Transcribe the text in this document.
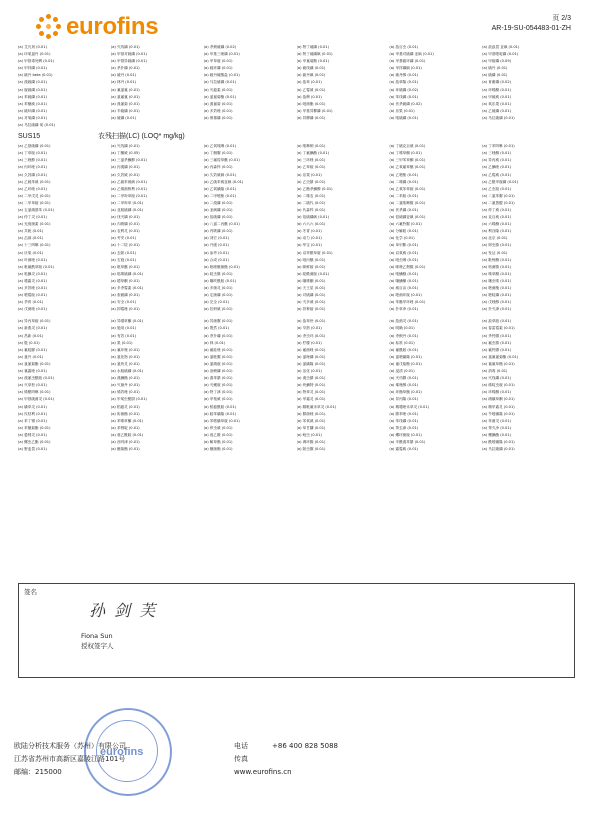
eurofins	页 2/3
AR-19-SU-054483-01-ZH
(a) 艾氏剂 (0.01)	(a) 灭线磷 (0.01)	(a) 杀螟硫磷 (0.02)	(a) 特丁硫磷 (0.01)	(a) 敌百虫 (0.01)	(a) 敌敌畏 亚砜 (0.01)
(a) 环氧氯丹 (0.01)	(a) 甲基对硫磷 (0.01)	(a) 甲基三唑磷 (0.01)	(a) 特丁硫磷砜 (0.01)	(a) 甲基对硫磷 亚砜 (0.01)	(a) 甲基嘧啶磷 (0.01)
(a) 甲基毒死蜱 (0.01)	(a) 甲基异硫磷 (0.01)	(a) 甲草胺 (0.01)	(a) 甲氰菊酯 (0.01)	(a) 甲基硫环磷 (0.01)	(a) 甲胺磷 (0.09)
(a) 甲拌磷 (0.01)	(a) 杀扑磷 (0.01)	(a) 硫环磷 (0.01)	(a) 硫线磷 (0.01)	(a) 甲拌磷砜 (0.01)	(a) 硫丹 (0.01)
(a) 硫丹 beta (0.01)	(a) 硫丹 (0.01)	(a) 硫丹硫酸盐 (0.01)	(a) 硫丹砜 (0.01)	(a) 硫丹醇 (0.01)	(a) 硫磷 (0.01)
(a) 溴硫磷 (0.01)	(a) 林丹 (0.01)	(a) 马拉硫磷 (0.01)	(a) 敌草 (0.01)	(a) 敌草隆 (0.01)	(a) 育畜磷 (0.02)
(a) 胺硫磷 (0.01)	(a) 氟氯氰 (0.01)	(a) 灭瘟素 (0.01)	(a) 乙霉威 (0.01)	(a) 环硫磷 (0.02)	(a) 环嗪酮 (0.01)
(a) 苯硫磷 (0.01)	(a) 氯氟氰 (0.01)	(a) 氯氰菊酯 (0.01)	(a) 敌稗 (0.01)	(a) 苯线磷 (0.01)	(a) 甲硫威 (0.01)
(a) 苯醚威 (0.01)	(a) 溴氰菊 (0.01)	(a) 溴氰菊 (0.01)	(a) 吡菌酯 (0.01)	(a) 伏杀硫磷 (0.02)	(a) 氧乐果 (0.01)
(a) 硫环磷 (0.01)	(a) 辛硫磷 (0.01)	(a) 多效唑 (0.01)	(a) 甲基异柳磷 (0.01)	(a) 乐果 (0.01)	(a) 乙硫磷 (0.01)
(a) 对氧磷 (0.01)	(a) 硫磷 (0.01)	(a) 保棉磷 (0.01)	(a) 异柳磷 (0.01)	(a) 喹硫磷 (0.01)	(a) 马拉硫磷 (0.01)
(a) 马拉硫磷 氧 (0.01)
SUS15	农残扫描(LC) (LOQ* mg/kg)
(a) 乙基硫磷 (0.01)	(a) 灭线磷 (0.01)	(a) 乙氧喹啉 (0.01)	(a) 喹啉铜 (0.01)	(a) 丁硫克百威 (0.01)	(a) 丁苯吗啉 (0.01)
(a) 丁草胺 (0.01)	(a) 丁酮威 (0.05)	(a) 丁醚脲 (0.01)	(a) 丁氟螨酯 (0.01)	(a) 丁嗪草酮 (0.01)	(a) 三唑酮 (0.01)
(a) 三唑醇 (0.01)	(a) 三氯杀螨醇 (0.01)	(a) 三氟羧草醚 (0.01)	(a) 三环唑 (0.01)	(a) 三甲苯草酮 (0.01)	(a) 异丙威 (0.01)
(a) 丙环唑 (0.01)	(a) 丙溴磷 (0.01)	(a) 丙森锌 (0.01)	(a) 乙草胺 (0.01)	(a) 乙氧氟草醚 (0.01)	(a) 乙螨唑 (0.01)
(a) 久效磷 (0.01)	(a) 久效威 (0.01)	(a) 久效威砜 (0.01)	(a) 乐果 (0.01)	(a) 乙嘧酚 (0.01)	(a) 乙霉威 (0.01)
(a) 乙硫苯威 (0.01)	(a) 乙硫苯威砜 (0.01)	(a) 乙硫苯威亚砜 (0.01)	(a) 乙虫腈 (0.01)	(a) 二嗪磷 (0.01)	(a) 乙酰甲胺磷 (0.01)
(a) 乙环唑 (0.01)	(a) 乙烯菌核利 (0.01)	(a) 乙氧磺隆 (0.01)	(a) 乙酯杀螨醇 (0.01)	(a) 乙氧苯草胺 (0.01)	(a) 乙虫胺 (0.01)
(a) 二甲戊灵 (0.01)	(a) 二甲吩草胺 (0.01)	(a) 二甲嘧酚 (0.01)	(a) 二嗪农 (0.01)	(a) 二苯胺 (0.01)	(a) 二氯苯脲 (0.01)
(a) 二甲草胺 (0.01)	(a) 二甲吩草 (0.01)	(a) 二溴磷 (0.01)	(a) 二硫代 (0.01)	(a) 二氯喹啉酸 (0.01)	(a) 二氰蒽醌 (0.01)
(a) 五氯硝基苯 (0.01)	(a) 亚胺硫磷 (0.01)	(a) 亚砜磷 (0.01)	(a) 代森锌 (0.01)	(a) 伏杀磷 (0.01)	(a) 仲丁威 (0.01)
(a) 仲丁灵 (0.01)	(a) 伐灭磷 (0.01)	(a) 倍硫磷 (0.01)	(a) 倍硫磷砜 (0.01)	(a) 倍硫磷亚砜 (0.01)	(a) 克百威 (0.01)
(a) 光萘菌素 (0.01)	(a) 內吸磷 (0.01)	(a) 八氯二丙醚 (0.01)	(a) 六六六 (0.01)	(a) 六氟铃脲 (0.01)	(a) 六嗪酮 (0.01)
(a) 共轭 (0.01)	(a) 农利灵 (0.01)	(a) 内吸磷 (0.01)	(a) 冬青 (0.01)	(a) 分解胺 (0.01)	(a) 利谷隆 (0.01)
(a) 击那 (0.01)	(a) 劳安 (0.01)	(a) 刘宏 (0.01)	(a) 动力 (0.01)	(a) 化学 (0.01)	(a) 北京 (0.01)
(a) 十三吗啉 (0.01)	(a) 十二烷 (0.01)	(a) 升级 (0.01)	(a) 华宝 (0.01)	(a) 单甲脒 (0.01)	(a) 卵虫腈 (0.01)
(a) 厌氧 (0.01)	(a) 去除 (0.01)	(a) 参考 (0.01)	(a) 双苯酰草胺 (0.01)	(a) 双氧威 (0.01)	(a) 发达 (0.01)
(a) 叶菌唑 (0.01)	(a) 右旋 (0.01)	(a) 合成 (0.01)	(a) 吡丙醚 (0.01)	(a) 吡虫啉 (0.01)	(a) 吡蚜酮 (0.01)
(a) 吡氟酰草胺 (0.01)	(a) 吡草醚 (0.01)	(a) 吡唑醚菌酯 (0.01)	(a) 咪鲜胺 (0.01)	(a) 咪唑乙烟酸 (0.01)	(a) 咯菌腈 (0.01)
(a) 哒螨灵 (0.01)	(a) 哒嗪硫磷 (0.01)	(a) 啶虫脒 (0.01)	(a) 啶酰菌胺 (0.01)	(a) 喹螨醚 (0.01)	(a) 嗪草酮 (0.01)
(a) 噁霜灵 (0.01)	(a) 噁草酮 (0.01)	(a) 噻呋酰胺 (0.01)	(a) 噻嗪酮 (0.01)	(a) 噻螨酮 (0.01)	(a) 噻虫嗪 (0.01)
(a) 多效唑 (0.01)	(a) 多杀霉素 (0.01)	(a) 多菌灵 (0.01)	(a) 天王星 (0.01)	(a) 威百亩 (0.01)	(a) 嘧菌酯 (0.01)
(a) 嘧霉胺 (0.01)	(a) 奎硫磷 (0.01)	(a) 定菌磷 (0.01)	(a) 对硫磷 (0.01)	(a) 嘧菌环胺 (0.01)	(a) 嘧啶磷 (0.01)
(a) 孕育 (0.01)	(a) 安全 (0.01)	(a) 完全 (0.01)	(a) 灭多威 (0.01)	(a) 苯醚甲环唑 (0.01)	(a) 戊唑醇 (0.01)
(a) 戊菌唑 (0.01)	(a) 抑霉唑 (0.01)	(a) 抗蚜威 (0.01)	(a) 拌种胺 (0.01)	(a) 扑草净 (0.01)	(a) 扑灭津 (0.01)
(a) 异丙草胺 (0.01)	(a) 异噁草酮 (0.01)	(a) 异菌脲 (0.01)	(a) 敌草快 (0.01)	(a) 敌菌灵 (0.01)	(a) 敌草胺 (0.01)
(a) 新燕灵 (0.01)	(a) 施用 (0.01)	(a) 既然 (0.01)	(a) 早熟 (0.01)	(a) 明确 (0.01)	(a) 春雷霉素 (0.01)
(a) 昌新 (0.01)	(a) 有效 (0.01)	(a) 杀扑磷 (0.01)	(a) 杀虫环 (0.01)	(a) 杀螟丹 (0.01)	(a) 杀铃脲 (0.01)
(a) 极 (0.01)	(a) 果 (0.01)	(a) 林 (0.01)	(a) 柠檬 (0.01)	(a) 标准 (0.01)	(a) 氟虫腈 (0.01)
(a) 氟啶脲 (0.01)	(a) 氟环唑 (0.01)	(a) 氟硅唑 (0.01)	(a) 氟菌唑 (0.01)	(a) 氟酰胺 (0.01)	(a) 氟铃脲 (0.01)
(a) 氯丹 (0.01)	(a) 氯化物 (0.01)	(a) 氯吡脲 (0.01)	(a) 氯唑磷 (0.01)	(a) 氯嘧磺隆 (0.01)	(a) 氯氟氰菊酯 (0.01)
(a) 氯氰菊酯 (0.01)	(a) 氯炔灵 (0.01)	(a) 氯硝胺 (0.01)	(a) 氯磺隆 (0.01)	(a) 氰戊菊酯 (0.01)	(a) 氰氟草酯 (0.01)
(a) 氰霜唑 (0.01)	(a) 水胺硫磷 (0.01)	(a) 治螟磷 (0.01)	(a) 活化 (0.01)	(a) 浸渍 (0.01)	(a) 消毒 (0.01)
(a) 溴氰虫酰胺 (0.01)	(a) 溴螨酯 (0.01)	(a) 溴苯腈 (0.01)	(a) 溴虫腈 (0.01)	(a) 灭幼脲 (0.01)	(a) 灭线磷 (0.01)
(a) 灭草松 (0.01)	(a) 灭菌丹 (0.01)	(a) 灭蝇胺 (0.01)	(a) 炔螨特 (0.01)	(a) 烯唑醇 (0.01)	(a) 烯啶虫胺 (0.01)
(a) 烯酰吗啉 (0.01)	(a) 烯效唑 (0.01)	(a) 特丁津 (0.01)	(a) 特草灵 (0.01)	(a) 环酯草醚 (0.01)	(a) 环嗪酮 (0.01)
(a) 甲基硫菌灵 (0.01)	(a) 甲氧虫酰肼 (0.01)	(a) 甲萘威 (0.01)	(a) 甲霜灵 (0.01)	(a) 异丙隆 (0.01)	(a) 硝磺草酮 (0.01)
(a) 磺草灵 (0.01)	(a) 稻瘟灵 (0.01)	(a) 稻瘟酰胺 (0.01)	(a) 精吡氟禾草灵 (0.01)	(a) 精噁唑禾草灵 (0.01)	(a) 精甲霜灵 (0.01)
(a) 纹枯利 (0.01)	(a) 肟菌酯 (0.01)	(a) 胺苯磺隆 (0.01)	(a) 腈菌唑 (0.01)	(a) 腈苯唑 (0.01)	(a) 苄嘧磺隆 (0.01)
(a) 苯丁锡 (0.01)	(a) 苯嗪草酮 (0.01)	(a) 苯嘧磺草胺 (0.01)	(a) 苯氧威 (0.01)	(a) 苯线磷 (0.01)	(a) 苯菌灵 (0.01)
(a) 苯醚菊酯 (0.01)	(a) 苯锈啶 (0.01)	(a) 茚虫威 (0.01)	(a) 草甘膦 (0.01)	(a) 莠去津 (0.01)	(a) 莠灭净 (0.01)
(a) 萎锈灵 (0.01)	(a) 萘乙酰胺 (0.01)	(a) 萘乙酸 (0.01)	(a) 蚍虫 (0.01)	(a) 螺环菌胺 (0.01)	(a) 螺螨酯 (0.01)
(a) 螺虫乙酯 (0.01)	(a) 西玛津 (0.01)	(a) 解草酯 (0.01)	(a) 调环酸 (0.01)	(a) 辛酰溴苯腈 (0.01)	(a) 酰嘧磺隆 (0.01)
(a) 野麦畏 (0.01)	(a) 醚菊酯 (0.01)	(a) 醚菌酯 (0.01)	(a) 除虫脲 (0.01)	(a) 霜霉威 (0.01)	(a) 马拉硫磷 (0.01)
签名
孙 剑 芙
Fiona Sun
授权签字人
eurofins
欧陆分析技术服务（苏州）有限公司
江苏省苏州市高新区嘉陵江路101号
邮编：215000
电话	+86 400 828 5088
传真
www.eurofins.cn
